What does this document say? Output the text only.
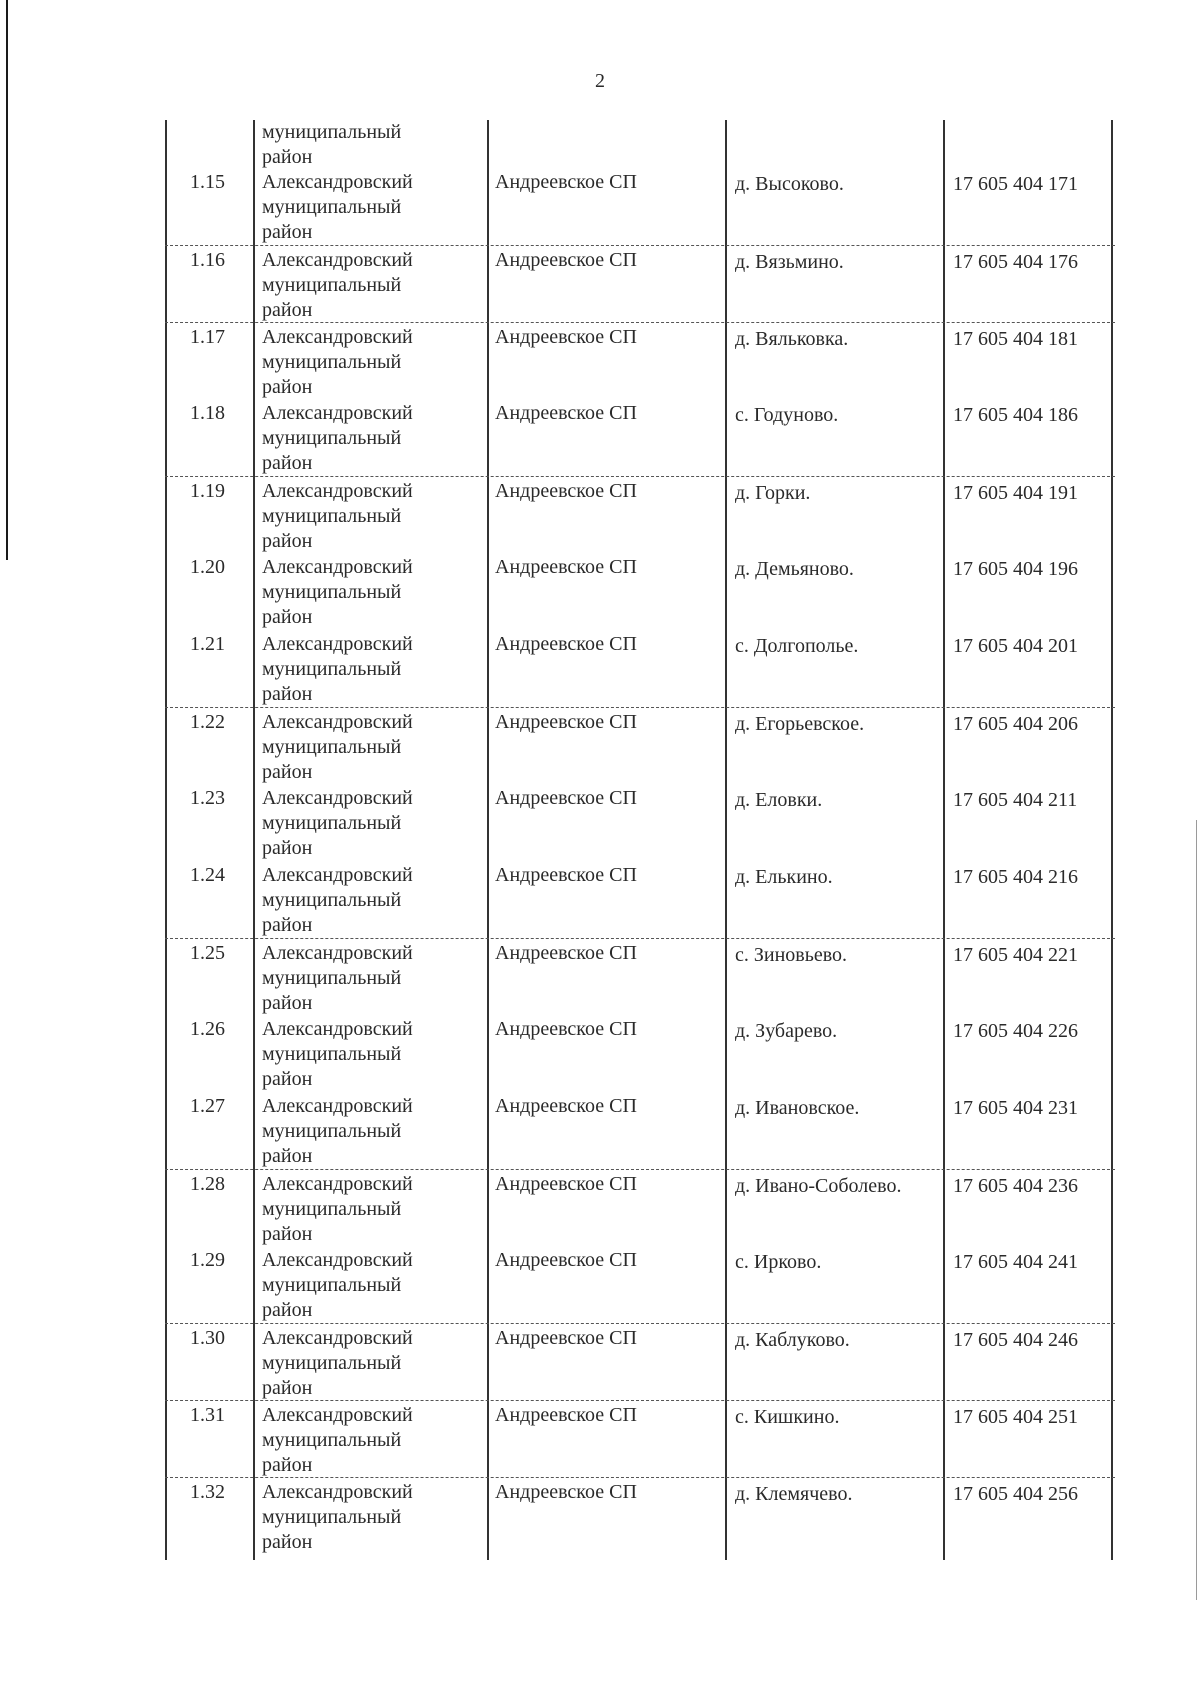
2
муниципальный
район
1.15	Александровский
муниципальный
район
Андреевское СП	д. Высоково.	17 605 404 171
1.16	Александровский
муниципальный
район
Андреевское СП	д. Вязьмино.	17 605 404 176
1.17	Александровский
муниципальный
район
Андреевское СП	д. Вяльковка.	17 605 404 181
1.18	Александровский
муниципальный
район
Андреевское СП	с. Годуново.	17 605 404 186
1.19	Александровский
муниципальный
район
Андреевское СП	д. Горки.	17 605 404 191
1.20	Александровский
муниципальный
район
Андреевское СП	д. Демьяново.	17 605 404 196
1.21	Александровский
муниципальный
район
Андреевское СП	с. Долгополье.	17 605 404 201
1.22	Александровский
муниципальный
район
Андреевское СП	д. Егорьевское.	17 605 404 206
1.23	Александровский
муниципальный
район
Андреевское СП	д. Еловки.	17 605 404 211
1.24	Александровский
муниципальный
район
Андреевское СП	д. Елькино.	17 605 404 216
1.25	Александровский
муниципальный
район
Андреевское СП	с. Зиновьево.	17 605 404 221
1.26	Александровский
муниципальный
район
Андреевское СП	д. Зубарево.	17 605 404 226
1.27	Александровский
муниципальный
район
Андреевское СП	д. Ивановское.	17 605 404 231
1.28	Александровский
муниципальный
район
Андреевское СП	д. Ивано-Соболево.	17 605 404 236
1.29	Александровский
муниципальный
район
Андреевское СП	с. Ирково.	17 605 404 241
1.30	Александровский
муниципальный
район
Андреевское СП	д. Каблуково.	17 605 404 246
1.31	Александровский
муниципальный
район
Андреевское СП	с. Кишкино.	17 605 404 251
1.32	Александровский
муниципальный
район
Андреевское СП	д. Клемячево.	17 605 404 256
